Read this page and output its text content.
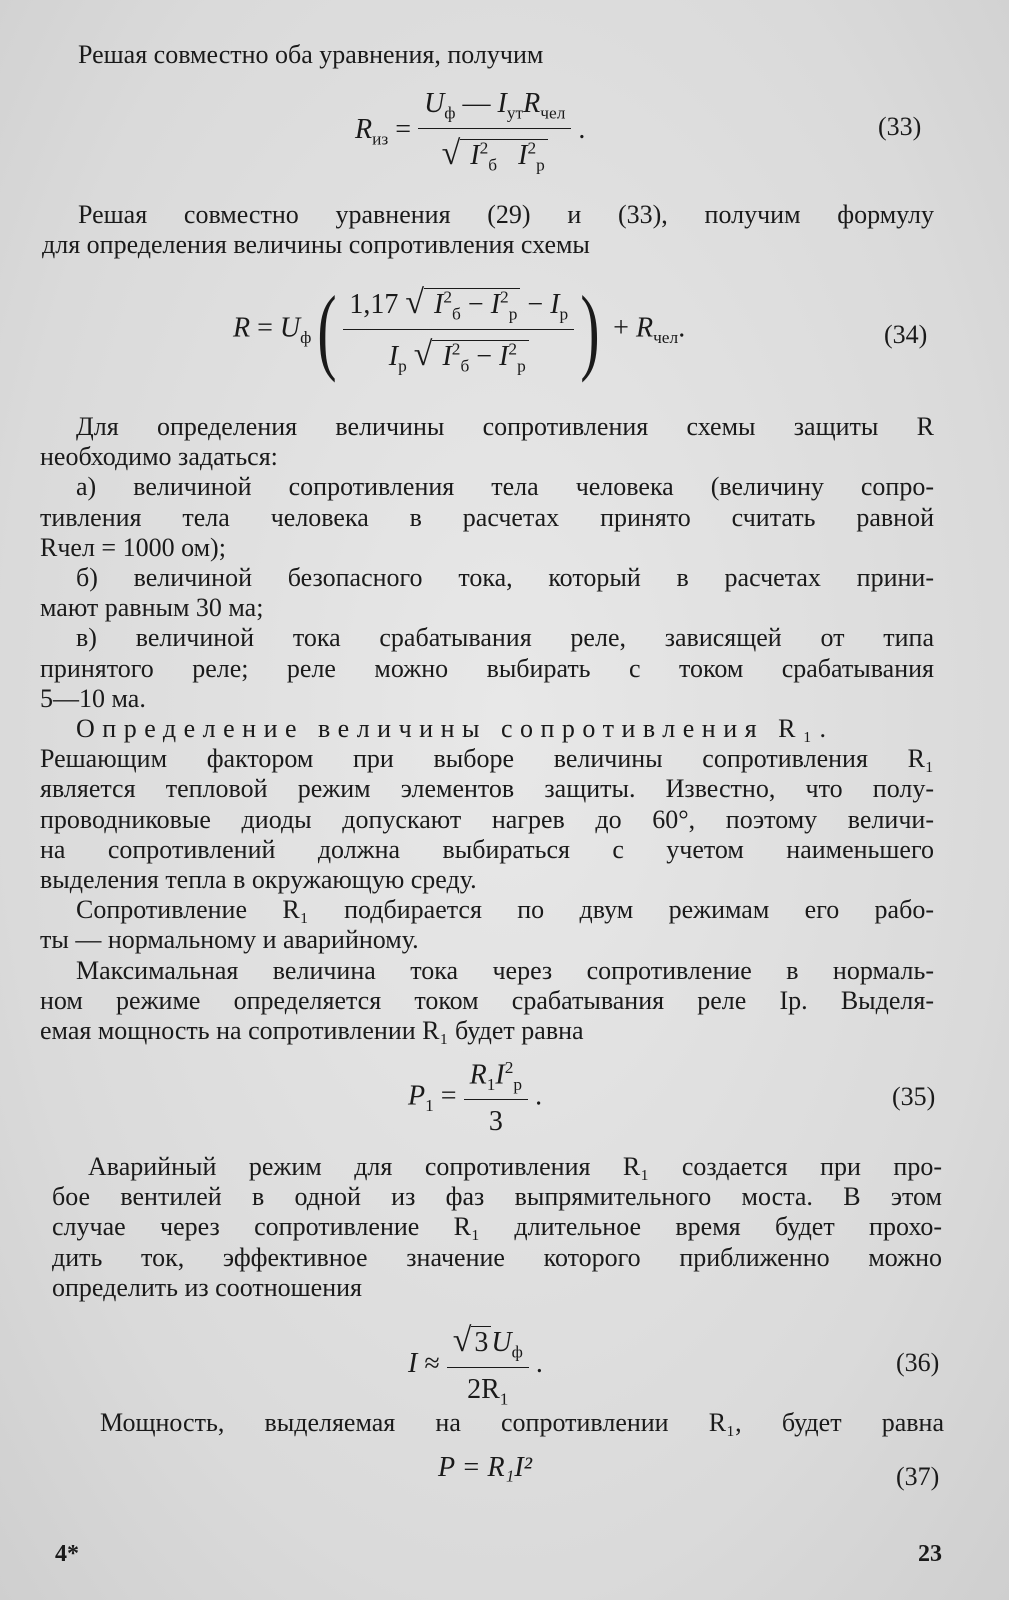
Решая совместно оба уравнения, получим
$R_{из} = \frac{U_ф — I_{ут}R_{чел}}{√ I^2_б I^2_р}$ .	(33)
Решая совместно уравнения (29) и (33), получим формулу
для определения величины сопротивления схемы
$R = U_ф( \frac{1,17 √ I^2_б - I^2_р - I_р}{I_р √ I^2_б - I^2_р}$ ) + $R_{чел}$.	(34)
Для определения величины сопротивления схемы защиты R
необходимо задаться:
а) величиной сопротивления тела человека (величину сопро-
тивления тела человека в расчетах принято считать равной
Rчел = 1000 ом);
б) величиной безопасного тока, который в расчетах прини-
мают равным 30 ма;
в) величиной тока срабатывания реле, зависящей от типа
принятого реле; реле можно выбирать с током срабатывания
5—10 ма.
Определение величины сопротивления R₁.
Решающим фактором при выборе величины сопротивления R₁
является тепловой режим элементов защиты. Известно, что полу-
проводниковые диоды допускают нагрев до 60°, поэтому величи-
на сопротивлений должна выбираться с учетом наименьшего
выделения тепла в окружающую среду.
Сопротивление R₁ подбирается по двум режимам его рабо-
ты — нормальному и аварийному.
Максимальная величина тока через сопротивление в нормаль-
ном режиме определяется током срабатывания реле Iр. Выделя-
емая мощность на сопротивлении R₁ будет равна
$P_1 = \frac{R_1I^2_р}{3}$ .	(35)
Аварийный режим для сопротивления R₁ создается при про-
бое вентилей в одной из фаз выпрямительного моста. В этом
случае через сопротивление R₁ длительное время будет прохо-
дить ток, эффективное значение которого приближенно можно
определить из соотношения
$I \approx \frac{√ 3 U_ф}{2R_1}$ .	(36)
Мощность, выделяемая на сопротивлении R₁, будет равна
P = R₁I²	(37)
4*	23
